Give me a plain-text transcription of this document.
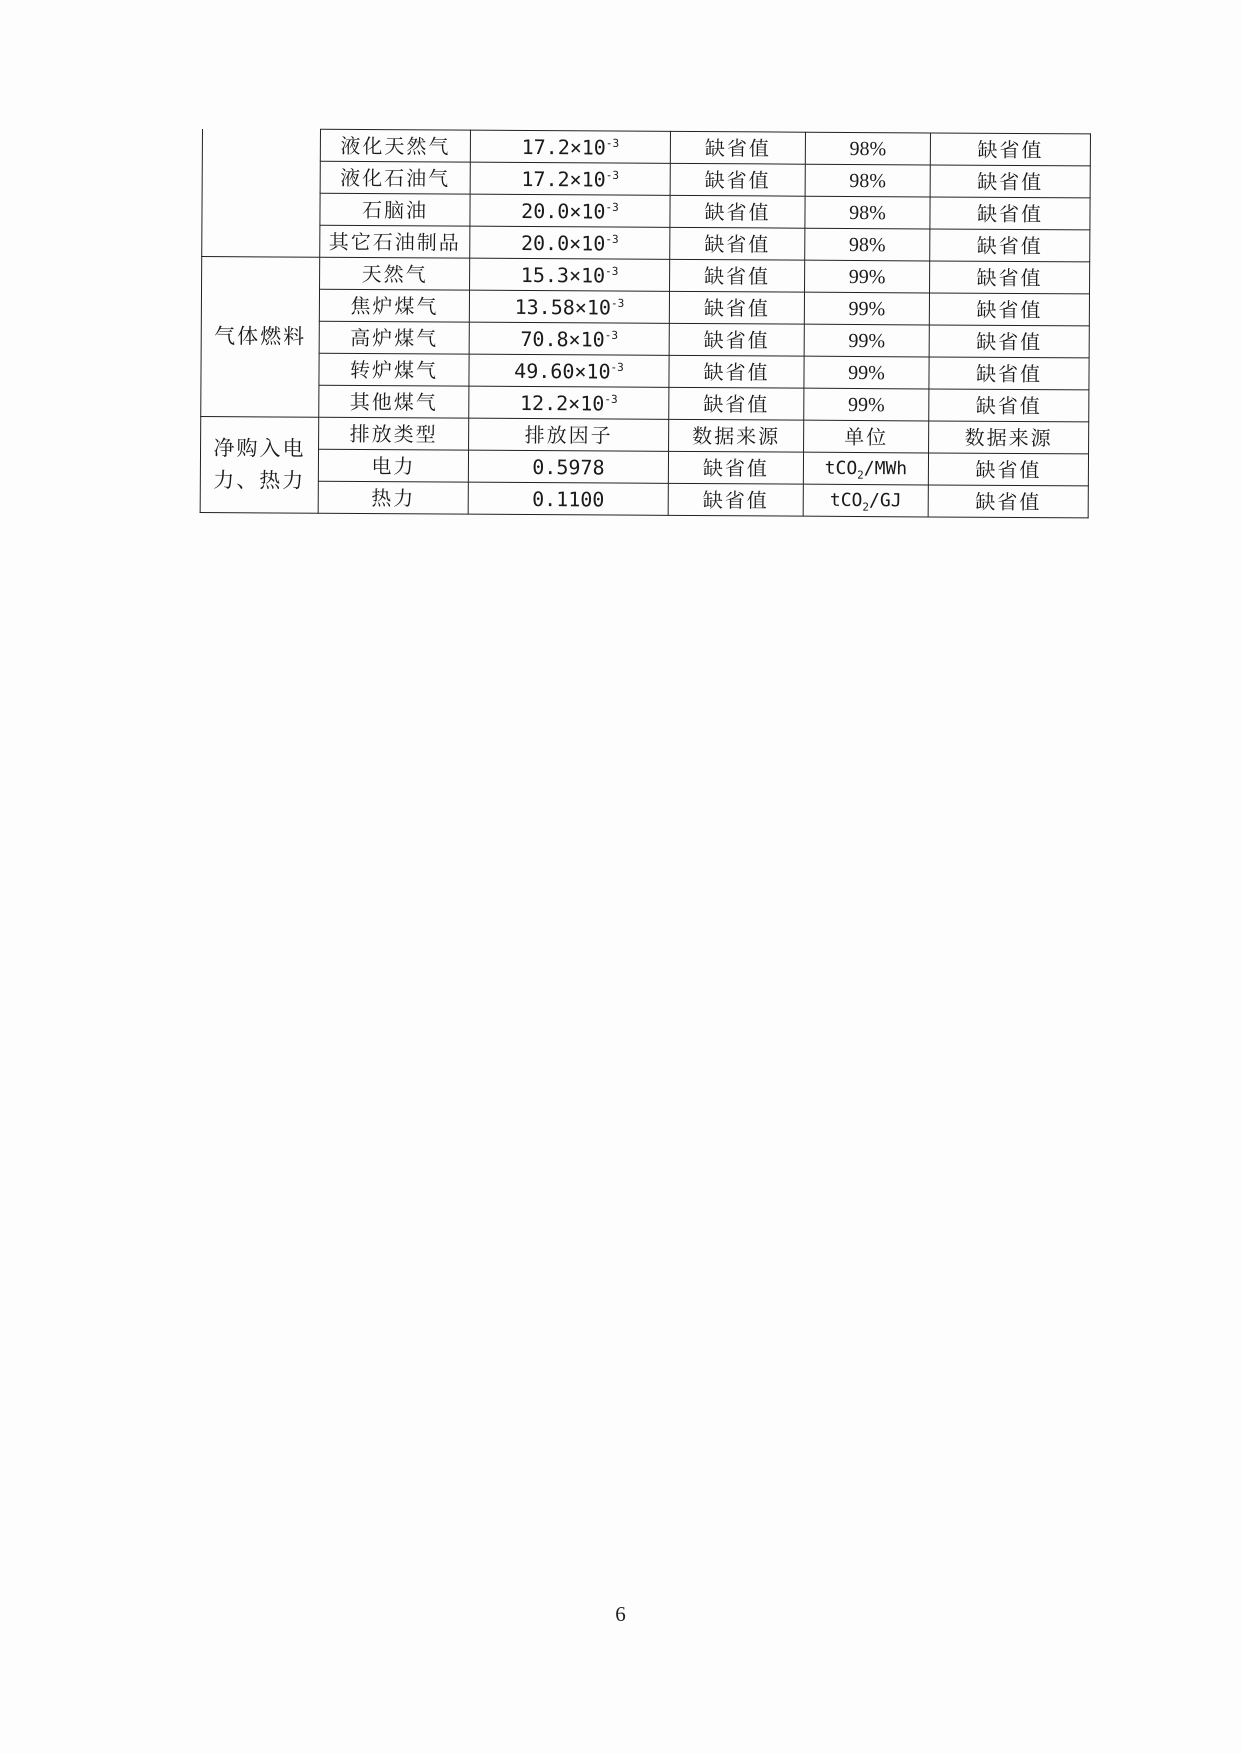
	液化天然气	$17.2\times 10^{-3}$	缺省值	98%	缺省值
	液化石油气	$17.2\times 10^{-3}$	缺省值	98%	缺省值
	石脑油	$20.0\times 10^{-3}$	缺省值	98%	缺省值
	其它石油制品	$20.0\times 10^{-3}$	缺省值	98%	缺省值
气体燃料	天然气	$15.3\times 10^{-3}$	缺省值	99%	缺省值
	焦炉煤气	$13.58\times 10^{-3}$	缺省值	99%	缺省值
	高炉煤气	$70.8\times 10^{-3}$	缺省值	99%	缺省值
	转炉煤气	$49.60\times 10^{-3}$	缺省值	99%	缺省值
	其他煤气	$12.2\times 10^{-3}$	缺省值	99%	缺省值
净购入电力、热力	排放类型	排放因子	数据来源	单位	数据来源
	电力	0.5978	缺省值	tCO$_2$/MWh	缺省值
	热力	0.1100	缺省值	tCO$_2$/GJ	缺省值
6
